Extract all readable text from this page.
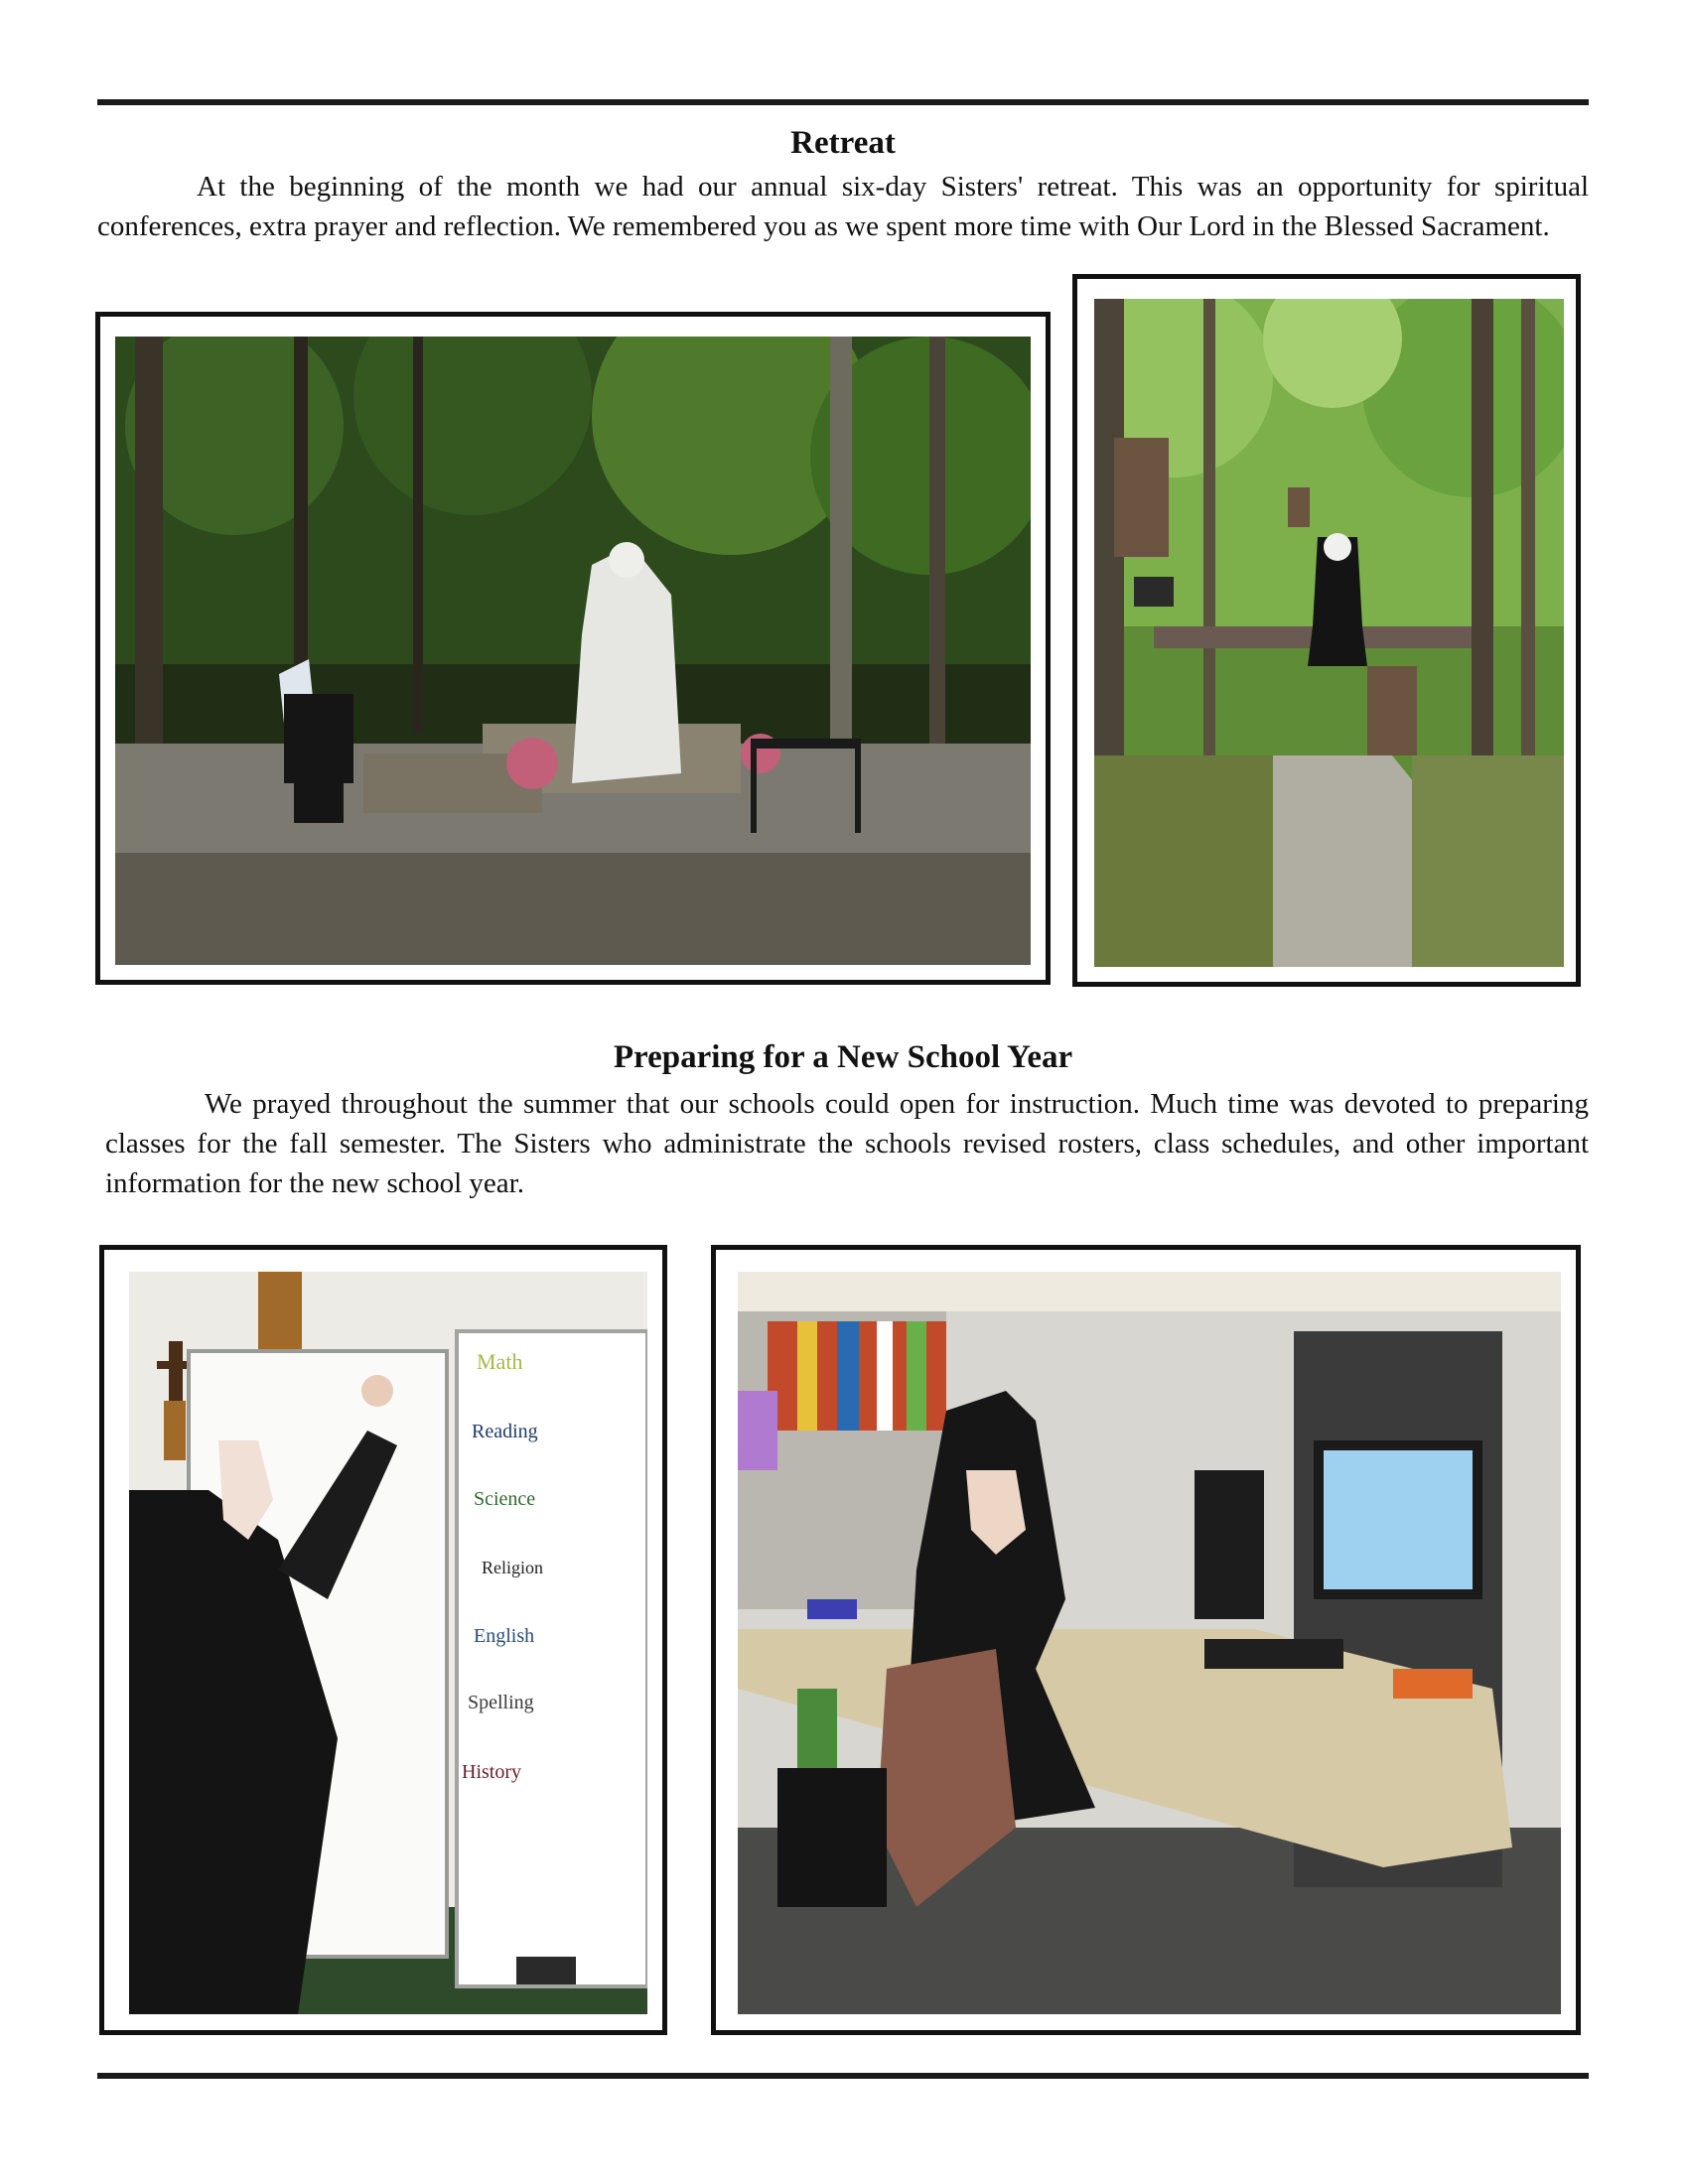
Retreat

At the beginning of the month we had our annual six-day Sisters' retreat. This was an opportunity for spiritual conferences, extra prayer and reflection. We remembered you as we spent more time with Our Lord in the Blessed Sacrament.

Preparing for a New School Year

We prayed throughout the summer that our schools could open for instruction. Much time was devoted to preparing classes for the fall semester. The Sisters who administrate the schools revised rosters, class schedules, and other important information for the new school year.

Math
Reading
Science
Religion
English
Spelling
History
